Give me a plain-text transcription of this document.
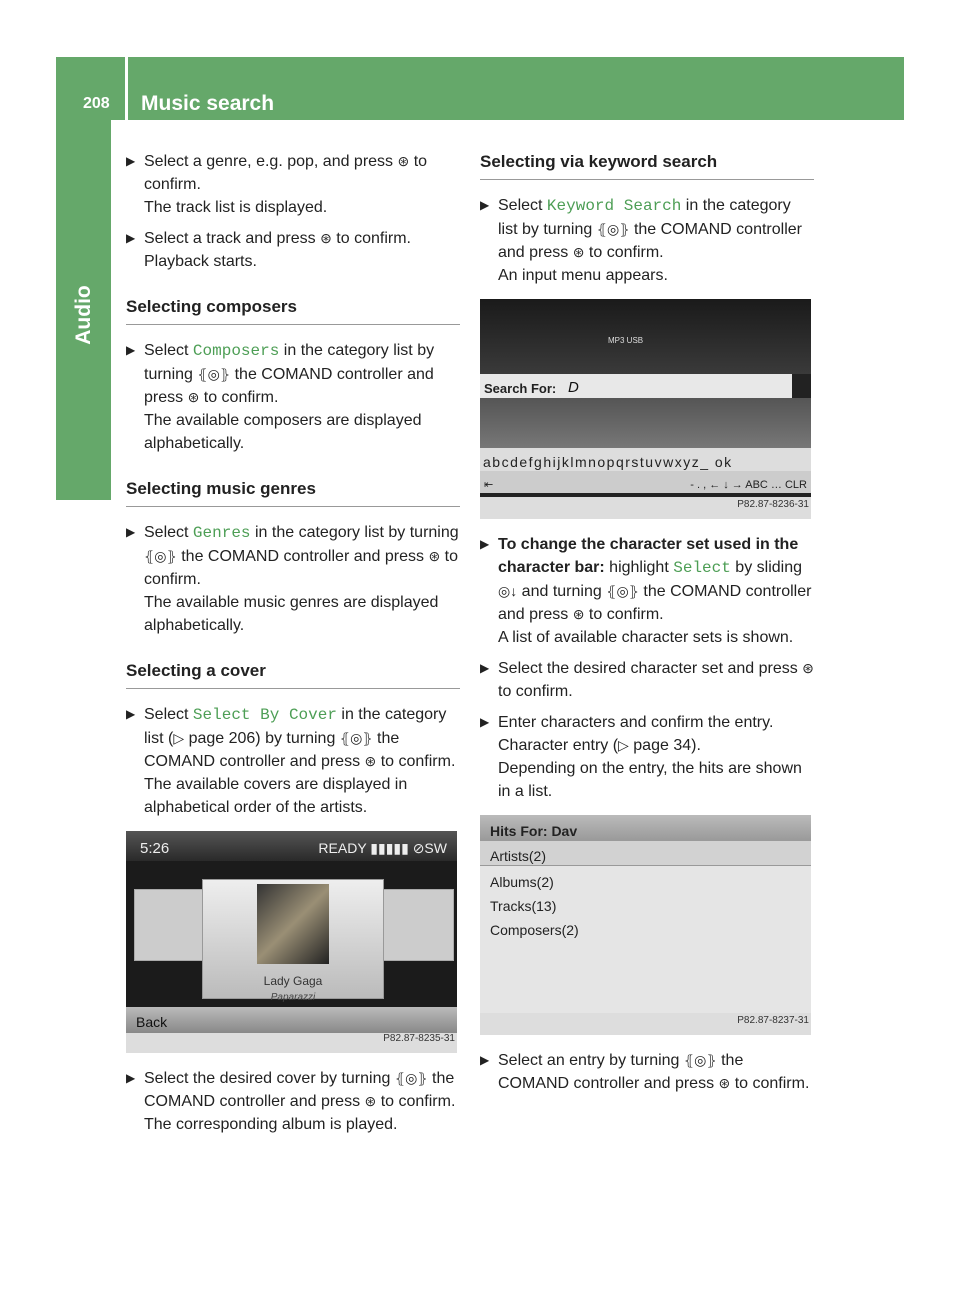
208 Music search
Audio
▶ Select a genre, e.g. pop, and press ⊛ to confirm.

The track list is displayed.

▶ Select a track and press ⊛ to confirm.

Playback starts.

Selecting composers
▶ Select Composers in the category list by turning ⦃◎⦄ the COMAND controller and press ⊛ to confirm.

The available composers are displayed alphabetically.

Selecting music genres
▶ Select Genres in the category list by turning ⦃◎⦄ the COMAND controller and press ⊛ to confirm.

The available music genres are displayed alphabetically.

Selecting a cover
▶ Select Select By Cover in the category list (▷ page 206) by turning ⦃◎⦄ the COMAND controller and press ⊛ to confirm.

The available covers are displayed in alphabetical order of the artists.

5:26	READY ▮▮▮▮▮ ⊘SW
Lady Gaga
Paparazzi
Back
P82.87-8235-31
▶ Select the desired cover by turning ⦃◎⦄ the COMAND controller and press ⊛ to confirm.

The corresponding album is played.

Selecting via keyword search
▶ Select Keyword Search in the category list by turning ⦃◎⦄ the COMAND controller and press ⊛ to confirm.

An input menu appears.

MP3 USB
Search For: D
abcdefghijklmnopqrstuvwxyz_ ok
⇤	- . , ← ↓ → ABC … CLR
P82.87-8236-31
▶ To change the character set used in the character bar: highlight Select by sliding ◎↓ and turning ⦃◎⦄ the COMAND controller and press ⊛ to confirm.

A list of available character sets is shown.

▶ Select the desired character set and press ⊛ to confirm.

▶ Enter characters and confirm the entry.

Character entry (▷ page 34).

Depending on the entry, the hits are shown in a list.

Hits For: Dav
Artists(2)
Albums(2)
Tracks(13)
Composers(2)
P82.87-8237-31
▶ Select an entry by turning ⦃◎⦄ the COMAND controller and press ⊛ to confirm.
